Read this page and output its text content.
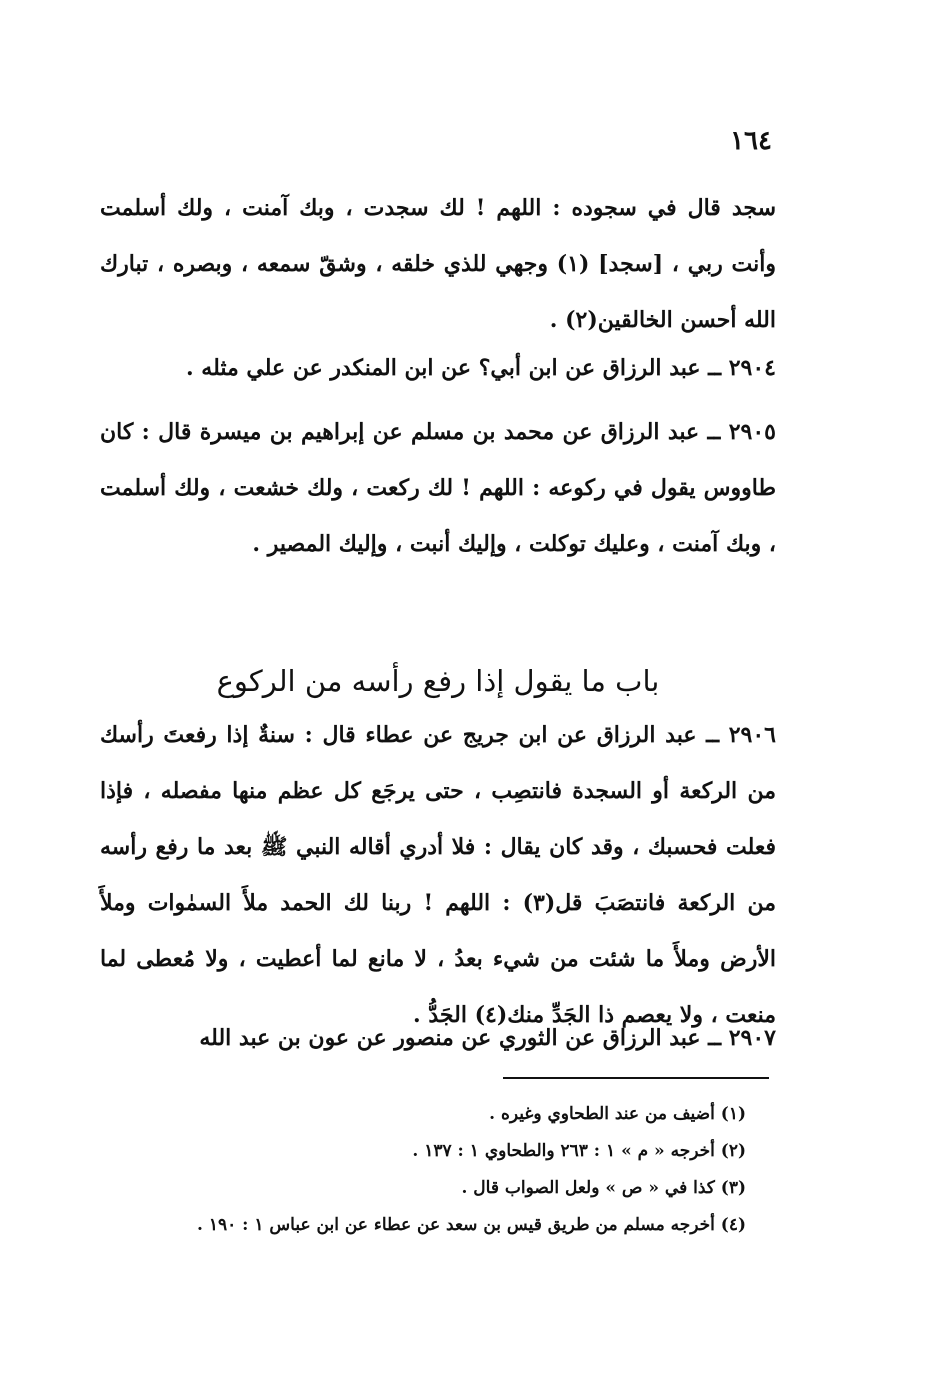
١٦٤

سجد قال في سجوده : اللهم ! لك سجدت ، وبك آمنت ، ولك أسلمت وأنت ربي ، [سجد] (١) وجهي للذي خلقه ، وشقّ سمعه ، وبصره ، تبارك الله أحسن الخالقين(٢) .

٢٩٠٤ ــ عبد الرزاق عن ابن أبي؟ عن ابن المنكدر عن علي مثله .

٢٩٠٥ ــ عبد الرزاق عن محمد بن مسلم عن إبراهيم بن ميسرة قال : كان طاووس يقول في ركوعه : اللهم ! لك ركعت ، ولك خشعت ، ولك أسلمت ، وبك آمنت ، وعليك توكلت ، وإليك أنبت ، وإليك المصير .

باب ما يقول إذا رفع رأسه من الركوع

٢٩٠٦ ــ عبد الرزاق عن ابن جريج عن عطاء قال : سنةٌ إذا رفعتَ رأسك من الركعة أو السجدة فانتصِب ، حتى يرجَع كل عظم منها مفصله ، فإذا فعلت فحسبك ، وقد كان يقال : فلا أدري أقاله النبي ﷺ بعد ما رفع رأسه من الركعة فانتصَبَ قل(٣) : اللهم ! ربنا لك الحمد ملأَ السمٰوات وملأَ الأرض وملأَ ما شئت من شيء بعدُ ، لا مانع لما أعطيت ، ولا مُعطى لما منعت ، ولا يعصم ذا الجَدِّ منك(٤) الجَدُّ .

٢٩٠٧ ــ عبد الرزاق عن الثوري عن منصور عن عون بن عبد الله

(١) أضيف من عند الطحاوي وغيره .
(٢) أخرجه « م » ١ : ٢٦٣ والطحاوي ١ : ١٣٧ .
(٣) كذا في « ص » ولعل الصواب قال .
(٤) أخرجه مسلم من طريق قيس بن سعد عن عطاء عن ابن عباس ١ : ١٩٠ .
